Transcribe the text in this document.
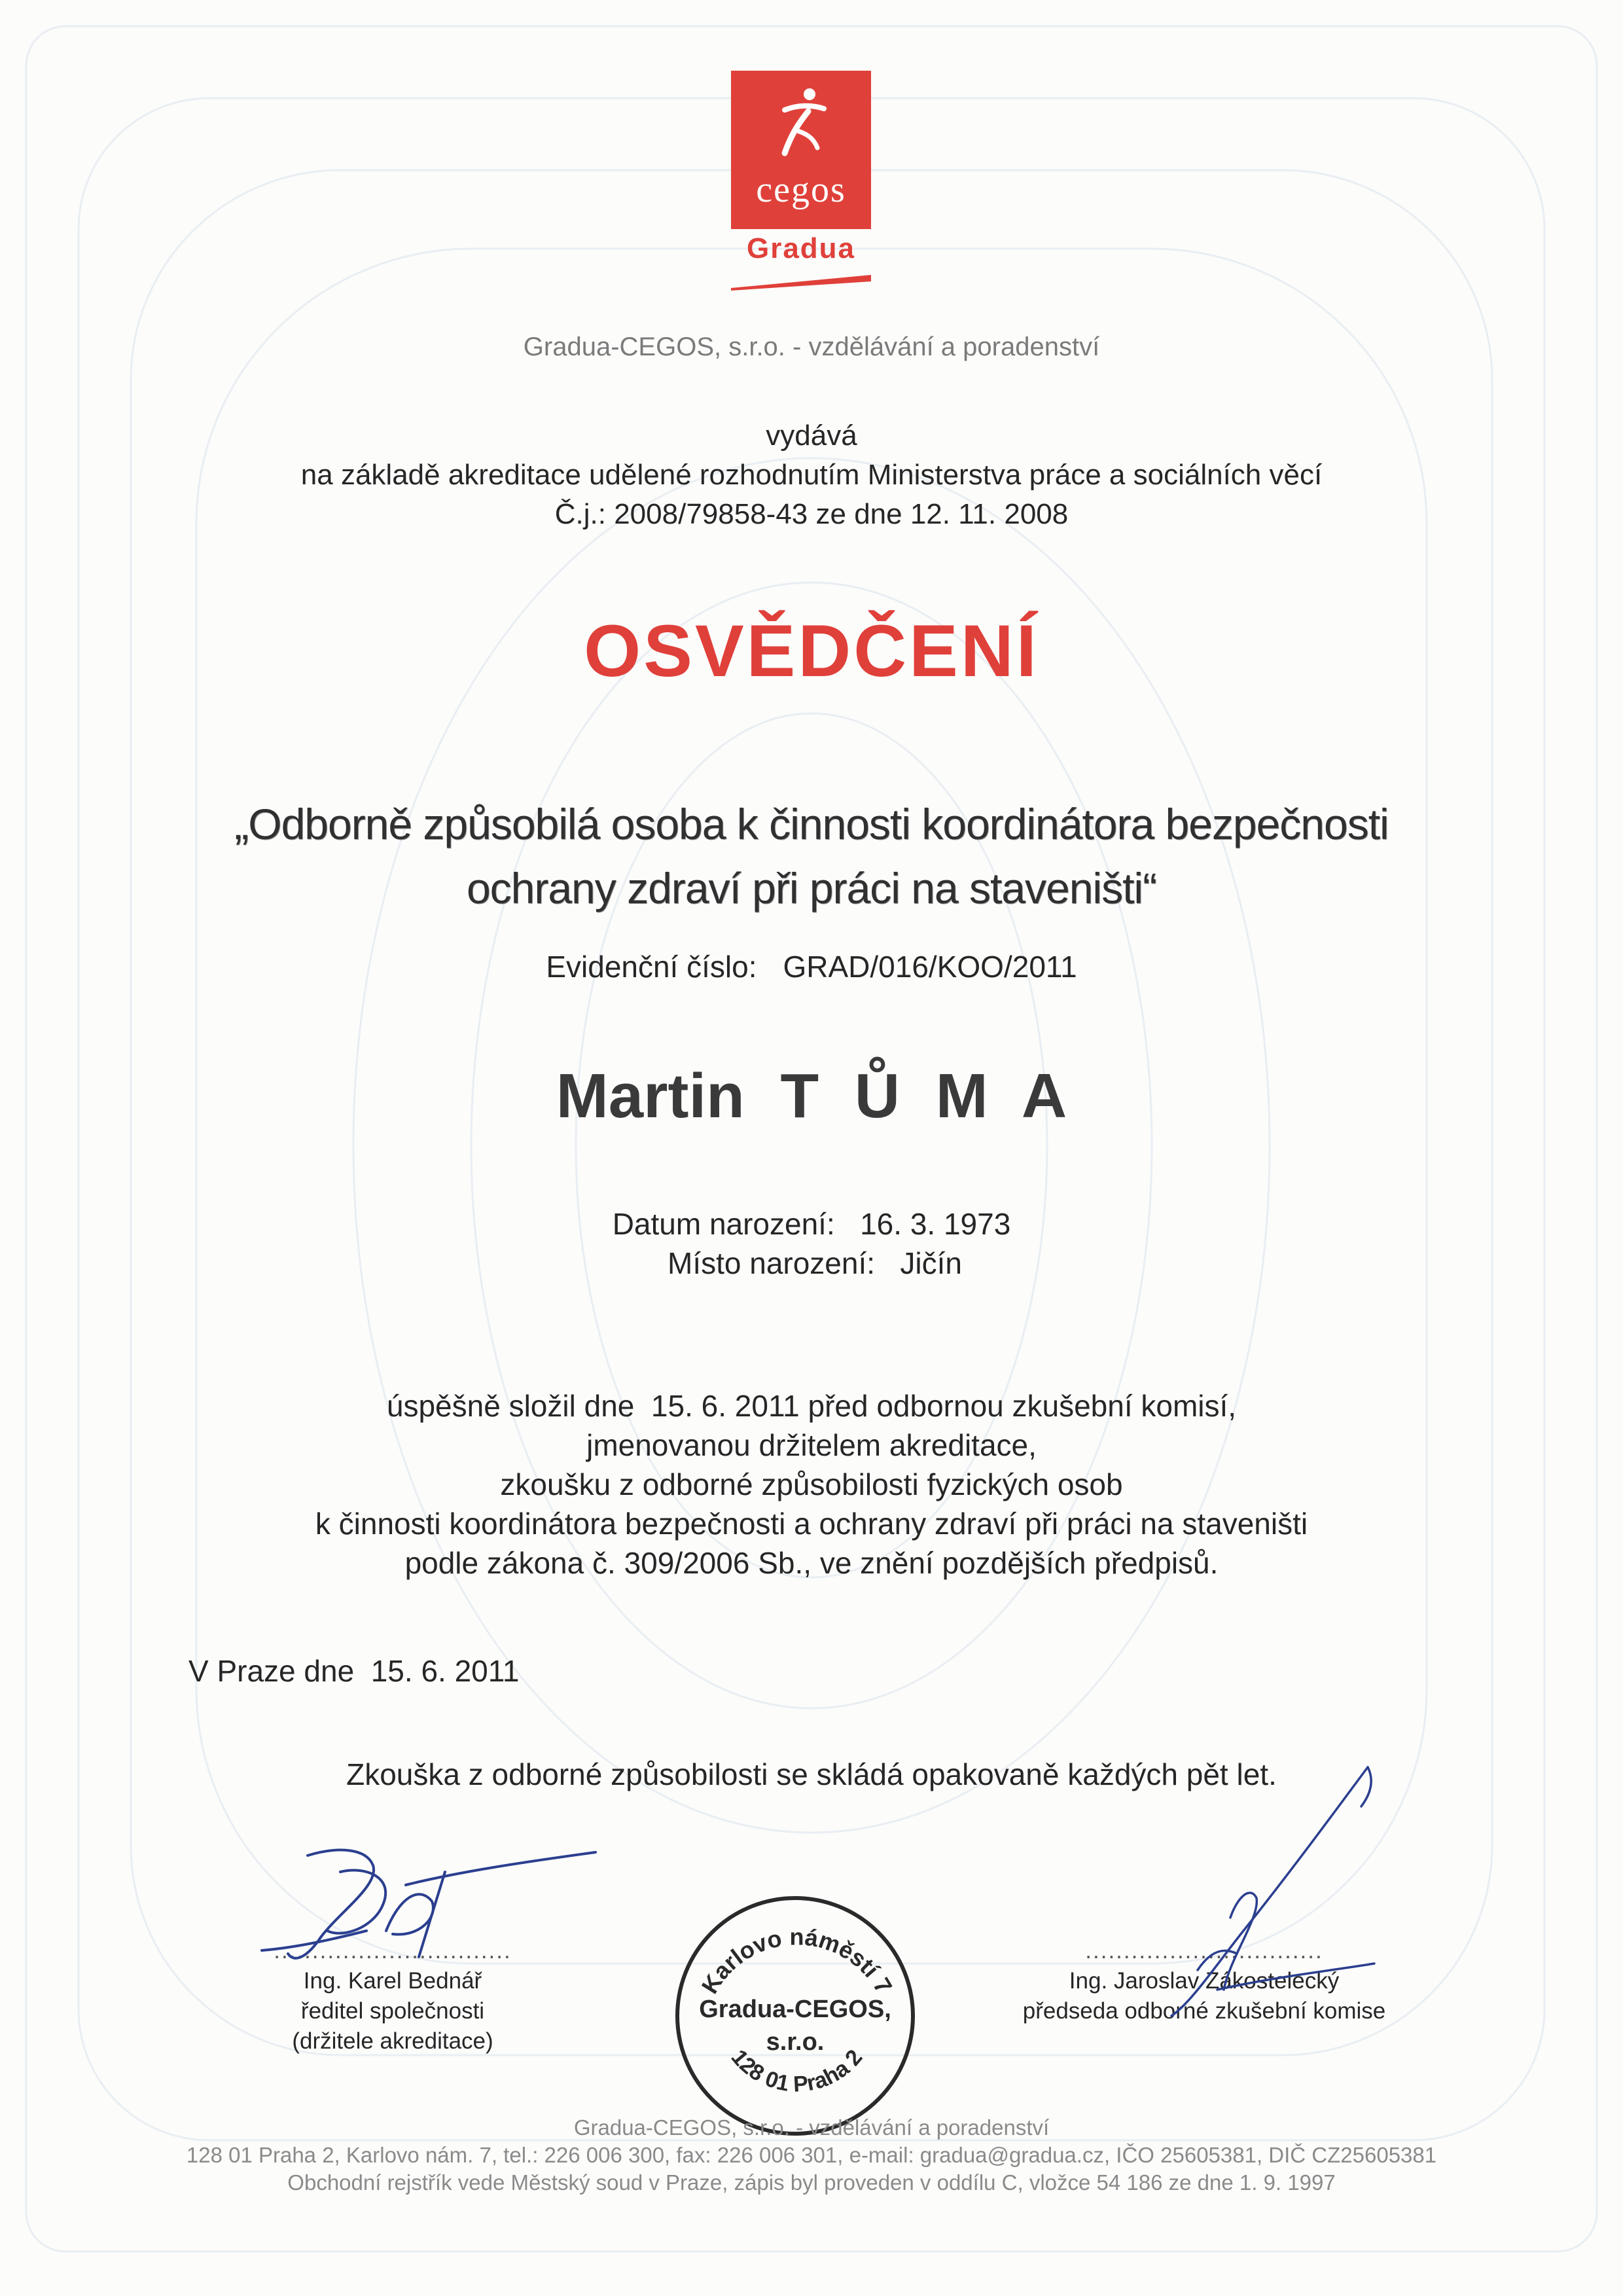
cegos
Gradua
Gradua-CEGOS, s.r.o. - vzdělávání a poradenství
vydává
na základě akreditace udělené rozhodnutím Ministerstva práce a sociálních věcí
Č.j.: 2008/79858-43 ze dne 12. 11. 2008
OSVĚDČENÍ
„Odborně způsobilá osoba k činnosti koordinátora bezpečnosti
ochrany zdraví při práci na staveništi“
Evidenční číslo: GRAD/016/KOO/2011
Martin T Ů M A
Datum narození: 16. 3. 1973
Místo narození: Jičín
úspěšně složil dne  15. 6. 2011 před odbornou zkušební komisí,
jmenovanou držitelem akreditace,
zkoušku z odborné způsobilosti fyzických osob
k činnosti koordinátora bezpečnosti a ochrany zdraví při práci na staveništi
podle zákona č. 309/2006 Sb., ve znění pozdějších předpisů.
V Praze dne  15. 6. 2011
Zkouška z odborné způsobilosti se skládá opakovaně každých pět let.
...............................
Ing. Karel Bednář
ředitel společnosti
(držitele akreditace)
...............................
Ing. Jaroslav Zákostelecký
předseda odborné zkušební komise
Karlovo náměstí 7
Gradua-CEGOS,
s.r.o.
128 01 Praha 2
Gradua-CEGOS, s.r.o. - vzdělávání a poradenství
128 01 Praha 2, Karlovo nám. 7, tel.: 226 006 300, fax: 226 006 301, e-mail: gradua@gradua.cz, IČO 25605381, DIČ CZ25605381
Obchodní rejstřík vede Městský soud v Praze, zápis byl proveden v oddílu C, vložce 54 186 ze dne 1. 9. 1997
